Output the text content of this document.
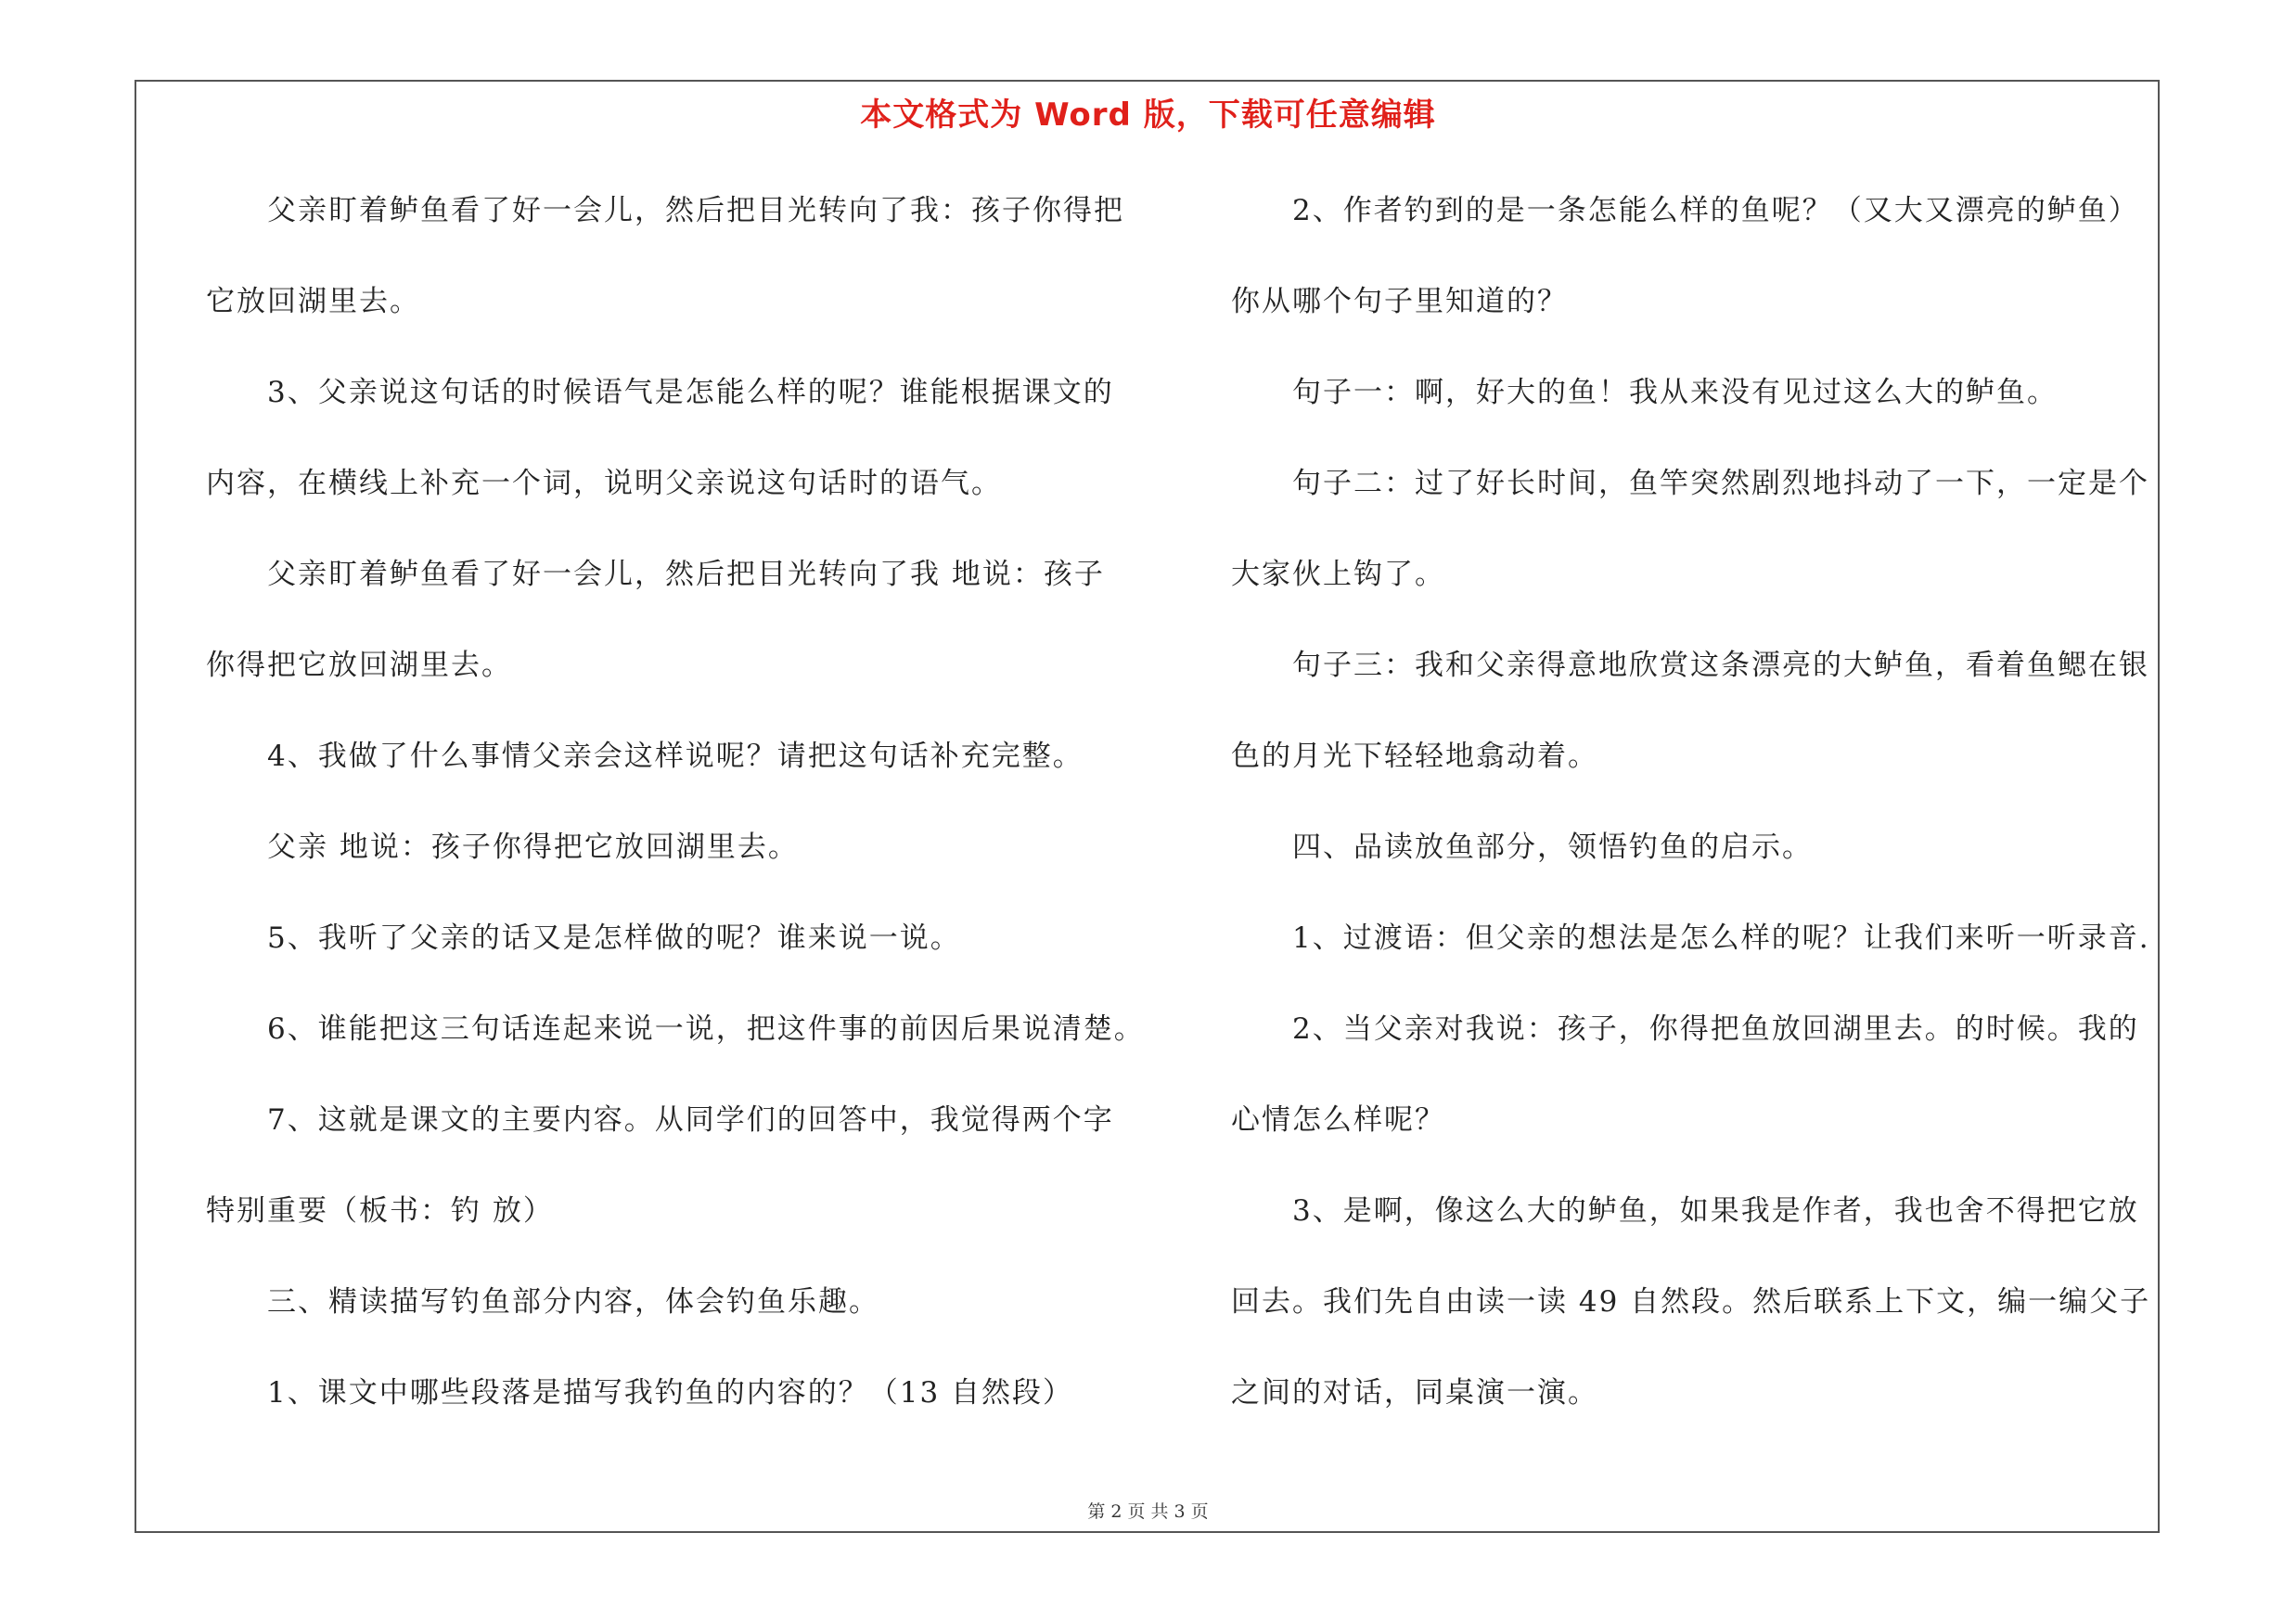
本文格式为 Word 版，下载可任意编辑
父亲盯着鲈鱼看了好一会儿，然后把目光转向了我：孩子你得把
它放回湖里去。
3、父亲说这句话的时候语气是怎能么样的呢？谁能根据课文的
内容，在横线上补充一个词，说明父亲说这句话时的语气。
父亲盯着鲈鱼看了好一会儿，然后把目光转向了我 地说：孩子
你得把它放回湖里去。
4、我做了什么事情父亲会这样说呢？请把这句话补充完整。
父亲 地说：孩子你得把它放回湖里去。
5、我听了父亲的话又是怎样做的呢？谁来说一说。
6、谁能把这三句话连起来说一说，把这件事的前因后果说清楚。
7、这就是课文的主要内容。从同学们的回答中，我觉得两个字
特别重要（板书：钓 放）
三、精读描写钓鱼部分内容，体会钓鱼乐趣。
1、课文中哪些段落是描写我钓鱼的内容的？（13 自然段）
2、作者钓到的是一条怎能么样的鱼呢？（又大又漂亮的鲈鱼）
你从哪个句子里知道的？
句子一：啊，好大的鱼！我从来没有见过这么大的鲈鱼。
句子二：过了好长时间，鱼竿突然剧烈地抖动了一下，一定是个
大家伙上钩了。
句子三：我和父亲得意地欣赏这条漂亮的大鲈鱼，看着鱼鳃在银
色的月光下轻轻地翕动着。
四、品读放鱼部分，领悟钓鱼的启示。
1、过渡语：但父亲的想法是怎么样的呢？让我们来听一听录音.
2、当父亲对我说：孩子，你得把鱼放回湖里去。的时候。我的
心情怎么样呢？
3、是啊，像这么大的鲈鱼，如果我是作者，我也舍不得把它放
回去。我们先自由读一读 49 自然段。然后联系上下文，编一编父子
之间的对话，同桌演一演。
第 2 页 共 3 页
